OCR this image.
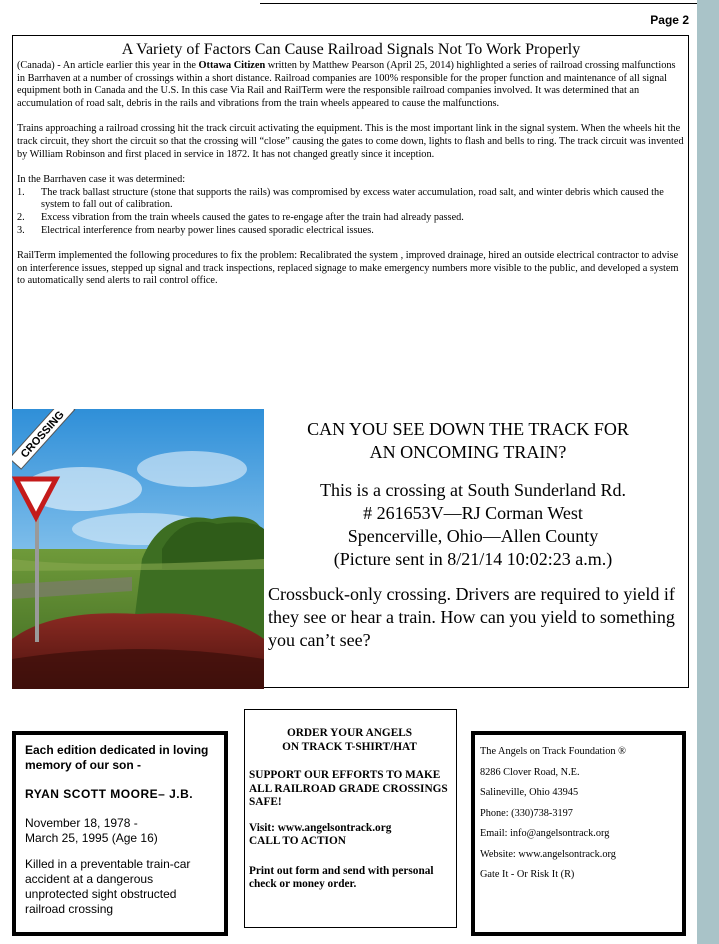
Page 2
A Variety of Factors Can Cause Railroad Signals Not To Work Properly

(Canada) - An article earlier this year in the Ottawa Citizen written by Matthew Pearson (April 25, 2014) highlighted a series of railroad crossing malfunctions in Barrhaven at a number of crossings within a short distance. Railroad companies are 100% responsible for the proper function and maintenance of all signal equipment both in Canada and the U.S. In this case Via Rail and RailTerm were the responsible railroad companies involved. It was determined that an accumulation of road salt, debris in the rails and vibrations from the train wheels appeared to cause the malfunctions.

Trains approaching a railroad crossing hit the track circuit activating the equipment. This is the most important link in the signal system. When the wheels hit the track circuit, they short the circuit so that the crossing will “close” causing the gates to come down, lights to flash and bells to ring. The track circuit was invented by William Robinson and first placed in service in 1872. It has not changed greatly since it inception.

In the Barrhaven case it was determined:
1.	The track ballast structure (stone that supports the rails) was compromised by excess water accumulation, road salt, and winter debris which caused the system to fall out of calibration.
2.	Excess vibration from the train wheels caused the gates to re-engage after the train had already passed.
3.	Electrical interference from nearby power lines caused sporadic electrical issues.

RailTerm implemented the following procedures to fix the problem: Recalibrated the system , improved drainage, hired an outside electrical contractor to advise on interference issues, stepped up signal and track inspections, replaced signage to make emergency numbers more visible to the public, and developed a system to automatically send alerts to rail control office.

CROSSING	CAN YOU SEE DOWN THE TRACK FOR
AN ONCOMING TRAIN?
This is a crossing at South Sunderland Rd.
# 261653V—RJ Corman West
Spencerville, Ohio—Allen County
(Picture sent in 8/21/14 10:02:23 a.m.)
Crossbuck-only crossing. Drivers are required to yield if they see or hear a train. How can you yield to something you can’t see?
Each edition dedicated in loving memory of our son -
RYAN SCOTT MOORE– J.B.
November 18, 1978 -
March 25, 1995 (Age 16)
Killed in a preventable train-car accident at a dangerous unprotected sight obstructed railroad crossing
ORDER YOUR ANGELS
ON TRACK T-SHIRT/HAT
SUPPORT OUR EFFORTS TO MAKE ALL RAILROAD GRADE CROSSINGS SAFE!
Visit: www.angelsontrack.org
CALL TO ACTION
Print out form and send with personal check or money order.
The Angels on Track Foundation ®
8286 Clover Road, N.E.
Salineville, Ohio 43945
Phone: (330)738-3197
Email: info@angelsontrack.org
Website: www.angelsontrack.org
Gate It - Or Risk It (R)
